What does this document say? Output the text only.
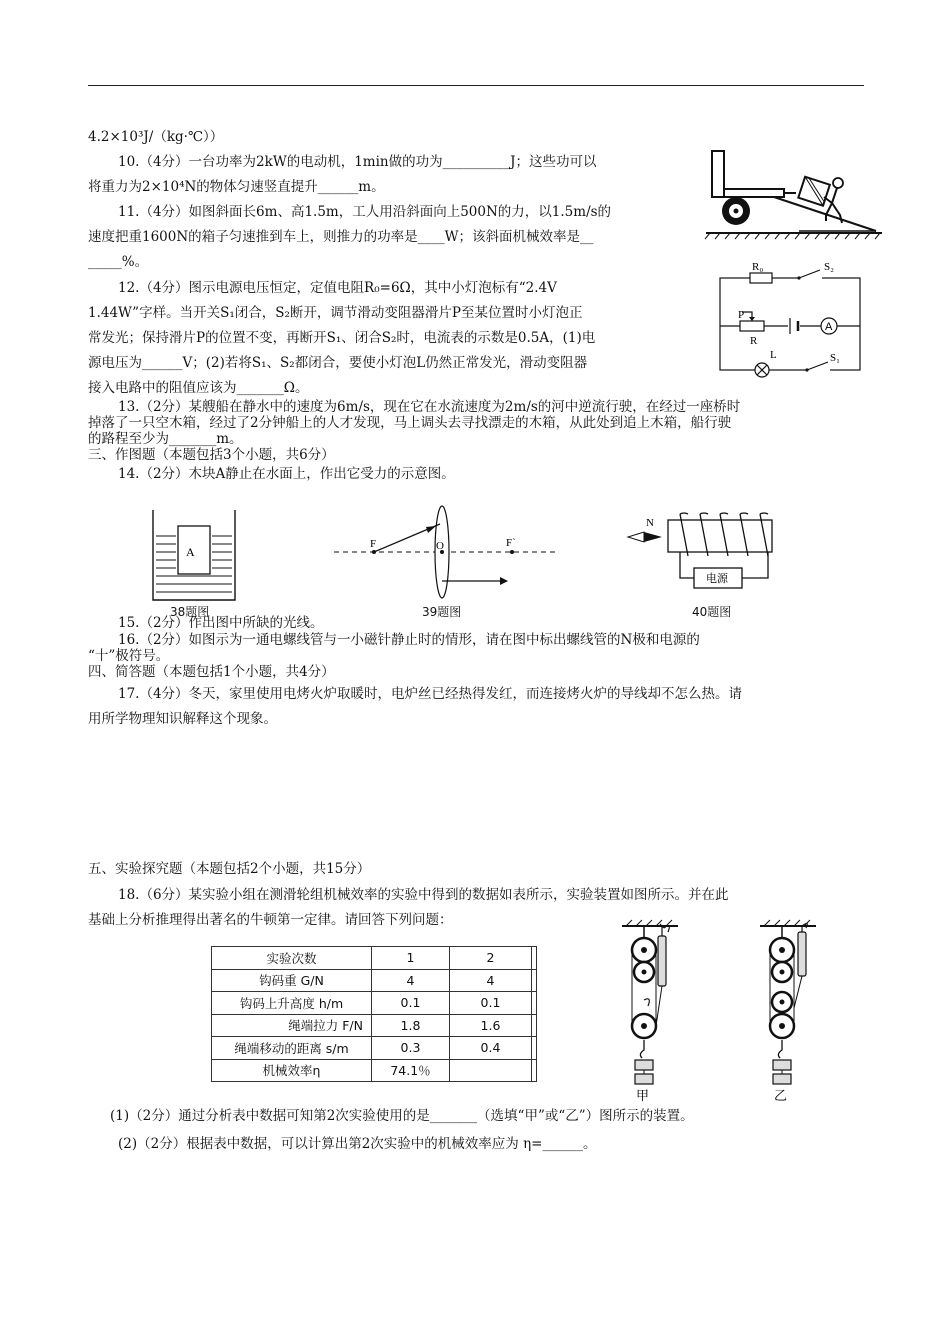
4.2×10³J/（kg·℃））
10.（4分）一台功率为2kW的电动机，1min做的功为__________J；这些功可以
将重力为2×10⁴N的物体匀速竖直提升______m。
11.（4分）如图斜面长6m、高1.5m，工人用沿斜面向上500N的力，以1.5m/s的
速度把重1600N的箱子匀速推到车上，则推力的功率是____W；该斜面机械效率是__
_____%。
12.（4分）图示电源电压恒定，定值电阻R₀=6Ω，其中小灯泡标有“2.4V
1.44W”字样。当开关S₁闭合，S₂断开，调节滑动变阻器滑片P至某位置时小灯泡正
常发光；保持滑片P的位置不变，再断开S₁、闭合S₂时，电流表的示数是0.5A，(1)电
源电压为______V；(2)若将S₁、S₂都闭合，要使小灯泡L仍然正常发光，滑动变阻器
接入电路中的阻值应该为_______Ω。
13.（2分）某艘船在静水中的速度为6m/s，现在它在水流速度为2m/s的河中逆流行驶，在经过一座桥时
掉落了一只空木箱，经过了2分钟船上的人才发现，马上调头去寻找漂走的木箱，从此处到追上木箱，船行驶
的路程至少为_______m。
三、作图题（本题包括3个小题，共6分）
14.（2分）木块A静止在水面上，作出它受力的示意图。
15.（2分）作出图中所缺的光线。
16.（2分）如图示为一通电螺线管与一小磁针静止时的情形，请在图中标出螺线管的N极和电源的
“十”极符号。
四、简答题（本题包括1个小题，共4分）
17.（4分）冬天，家里使用电烤火炉取暖时，电炉丝已经热得发红，而连接烤火炉的导线却不怎么热。请
用所学物理知识解释这个现象。
五、实验探究题（本题包括2个小题，共15分）
18.（6分）某实验小组在测滑轮组机械效率的实验中得到的数据如表所示，实验装置如图所示。并在此
基础上分析推理得出著名的牛顿第一定律。请回答下列问题：
(1)（2分）通过分析表中数据可知第2次实验使用的是_______（选填“甲”或“乙”）图所示的装置。
(2)（2分）根据表中数据，可以计算出第2次实验中的机械效率应为 η=______。
R₀	S₂
P
R
A
L	S₁
A
38题图
F	O	F`
39题图
N
电源
40题图
实验次数	1	2	
钩码重 G/N	4	4	
钩码上升高度 h/m	0.1	0.1	
绳端拉力 F/N	1.8	1.6	
绳端移动的距离 s/m	0.3	0.4	
机械效率η	74.1％		
甲	乙
